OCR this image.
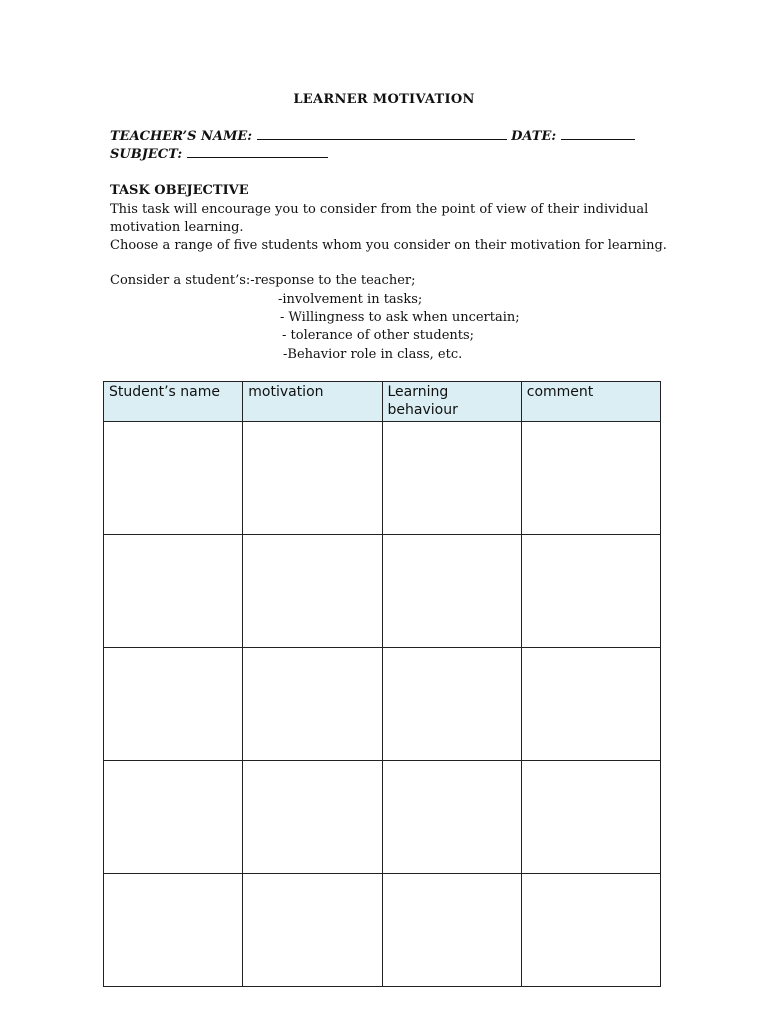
LEARNER MOTIVATION
TEACHER’S NAME:	DATE:
SUBJECT:
TASK OBEJECTIVE
This task will encourage you to consider from the point of view of their individual motivation learning.
Choose a range of five students whom you consider on their motivation for learning.
Consider a student’s:-response to the teacher;
-involvement in tasks;
- Willingness to ask when uncertain;
- tolerance of other students;
-Behavior role in class, etc.
Student’s name	motivation	Learning behaviour	comment
